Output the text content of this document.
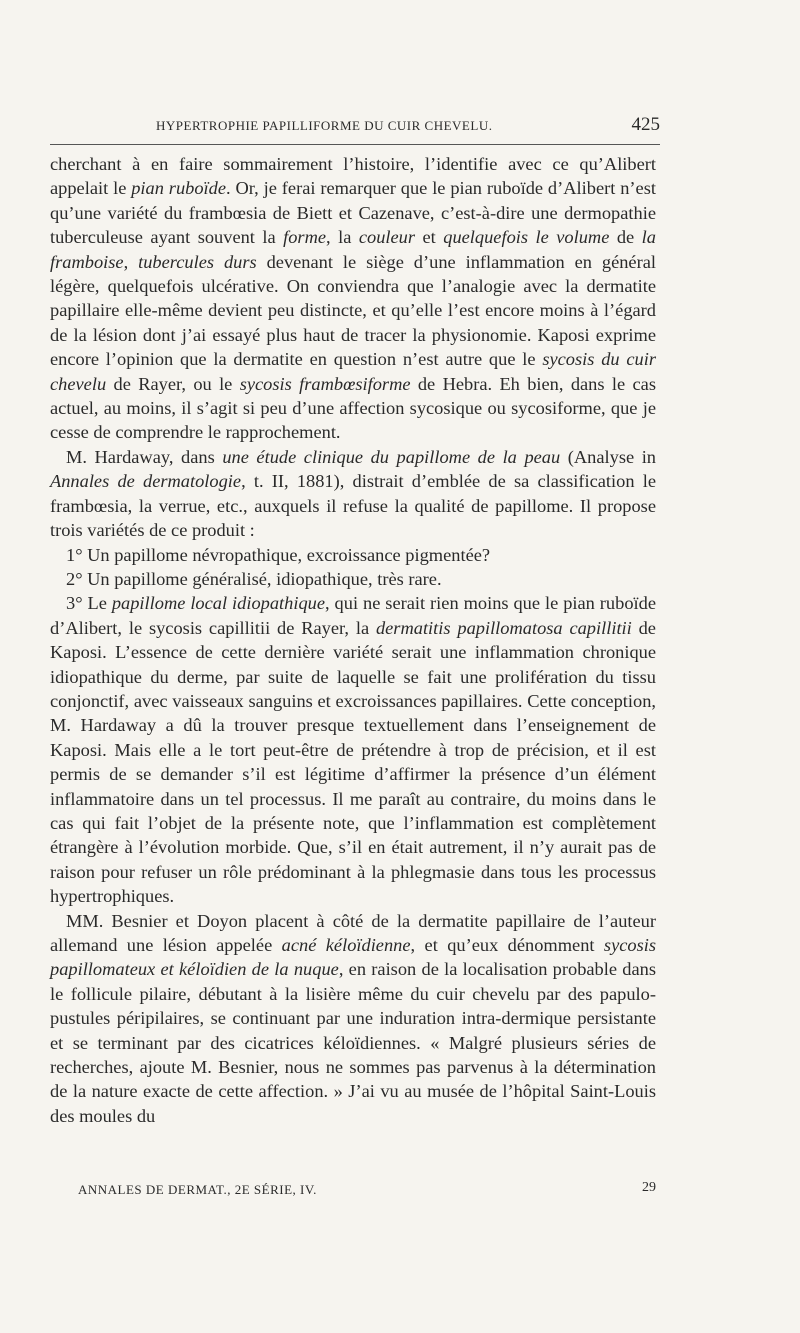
HYPERTROPHIE PAPILLIFORME DU CUIR CHEVELU.	425

cherchant à en faire sommairement l’histoire, l’identifie avec ce qu’Alibert appelait le pian ruboïde. Or, je ferai remarquer que le pian ruboïde d’Alibert n’est qu’une variété du frambœsia de Biett et Cazenave, c’est-à-dire une dermopathie tuberculeuse ayant souvent la forme, la couleur et quelquefois le volume de la framboise, tubercules durs devenant le siège d’une inflammation en général légère, quelquefois ulcérative. On conviendra que l’analogie avec la dermatite papillaire elle-même devient peu distincte, et qu’elle l’est encore moins à l’égard de la lésion dont j’ai essayé plus haut de tracer la physionomie. Kaposi exprime encore l’opinion que la dermatite en question n’est autre que le sycosis du cuir chevelu de Rayer, ou le sycosis frambœsiforme de Hebra. Eh bien, dans le cas actuel, au moins, il s’agit si peu d’une affection sycosique ou sycosiforme, que je cesse de comprendre le rapprochement.

M. Hardaway, dans une étude clinique du papillome de la peau (Analyse in Annales de dermatologie, t. II, 1881), distrait d’emblée de sa classification le frambœsia, la verrue, etc., auxquels il refuse la qualité de papillome. Il propose trois variétés de ce produit :

1° Un papillome névropathique, excroissance pigmentée?

2° Un papillome généralisé, idiopathique, très rare.

3° Le papillome local idiopathique, qui ne serait rien moins que le pian ruboïde d’Alibert, le sycosis capillitii de Rayer, la dermatitis papillomatosa capillitii de Kaposi. L’essence de cette dernière variété serait une inflammation chronique idiopathique du derme, par suite de laquelle se fait une prolifération du tissu conjonctif, avec vaisseaux sanguins et excroissances papillaires. Cette conception, M. Hardaway a dû la trouver presque textuellement dans l’enseignement de Kaposi. Mais elle a le tort peut-être de prétendre à trop de précision, et il est permis de se demander s’il est légitime d’affirmer la présence d’un élément inflammatoire dans un tel processus. Il me paraît au contraire, du moins dans le cas qui fait l’objet de la présente note, que l’inflammation est complètement étrangère à l’évolution morbide. Que, s’il en était autrement, il n’y aurait pas de raison pour refuser un rôle prédominant à la phlegmasie dans tous les processus hypertrophiques.

MM. Besnier et Doyon placent à côté de la dermatite papillaire de l’auteur allemand une lésion appelée acné kéloïdienne, et qu’eux dénomment sycosis papillomateux et kéloïdien de la nuque, en raison de la localisation probable dans le follicule pilaire, débutant à la lisière même du cuir chevelu par des papulo-pustules péripilaires, se continuant par une induration intra-dermique persistante et se terminant par des cicatrices kéloïdiennes. « Malgré plusieurs séries de recherches, ajoute M. Besnier, nous ne sommes pas parvenus à la détermination de la nature exacte de cette affection. » J’ai vu au musée de l’hôpital Saint-Louis des moules du

ANNALES DE DERMAT., 2E SÉRIE, IV.	29
